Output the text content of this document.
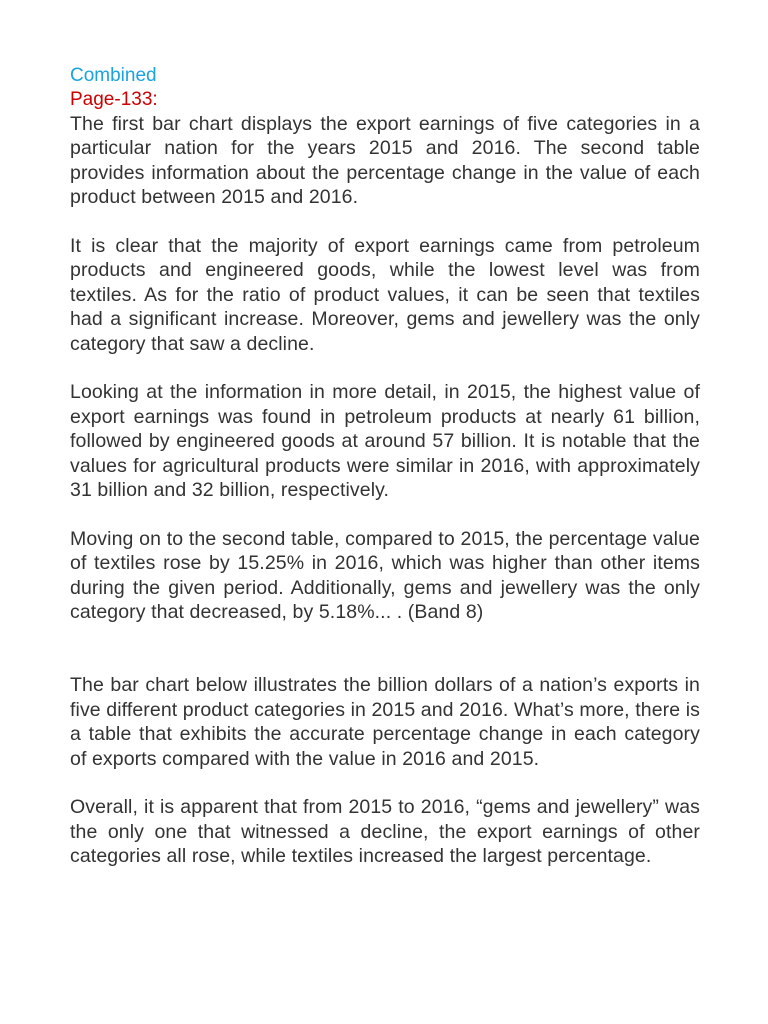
Combined
Page-133:

The first bar chart displays the export earnings of five categories in a particular nation for the years 2015 and 2016. The second table provides information about the percentage change in the value of each product between 2015 and 2016.

It is clear that the majority of export earnings came from petroleum products and engineered goods, while the lowest level was from textiles. As for the ratio of product values, it can be seen that textiles had a significant increase. Moreover, gems and jewellery was the only category that saw a decline.

Looking at the information in more detail, in 2015, the highest value of export earnings was found in petroleum products at nearly 61 billion, followed by engineered goods at around 57 billion. It is notable that the values for agricultural products were similar in 2016, with approximately 31 billion and 32 billion, respectively.

Moving on to the second table, compared to 2015, the percentage value of textiles rose by 15.25% in 2016, which was higher than other items during the given period. Additionally, gems and jewellery was the only category that decreased, by 5.18%... . (Band 8)

The bar chart below illustrates the billion dollars of a nation’s exports in five different product categories in 2015 and 2016. What’s more, there is a table that exhibits the accurate percentage change in each category of exports compared with the value in 2016 and 2015.

Overall, it is apparent that from 2015 to 2016, “gems and jewellery” was the only one that witnessed a decline, the export earnings of other categories all rose, while textiles increased the largest percentage.
